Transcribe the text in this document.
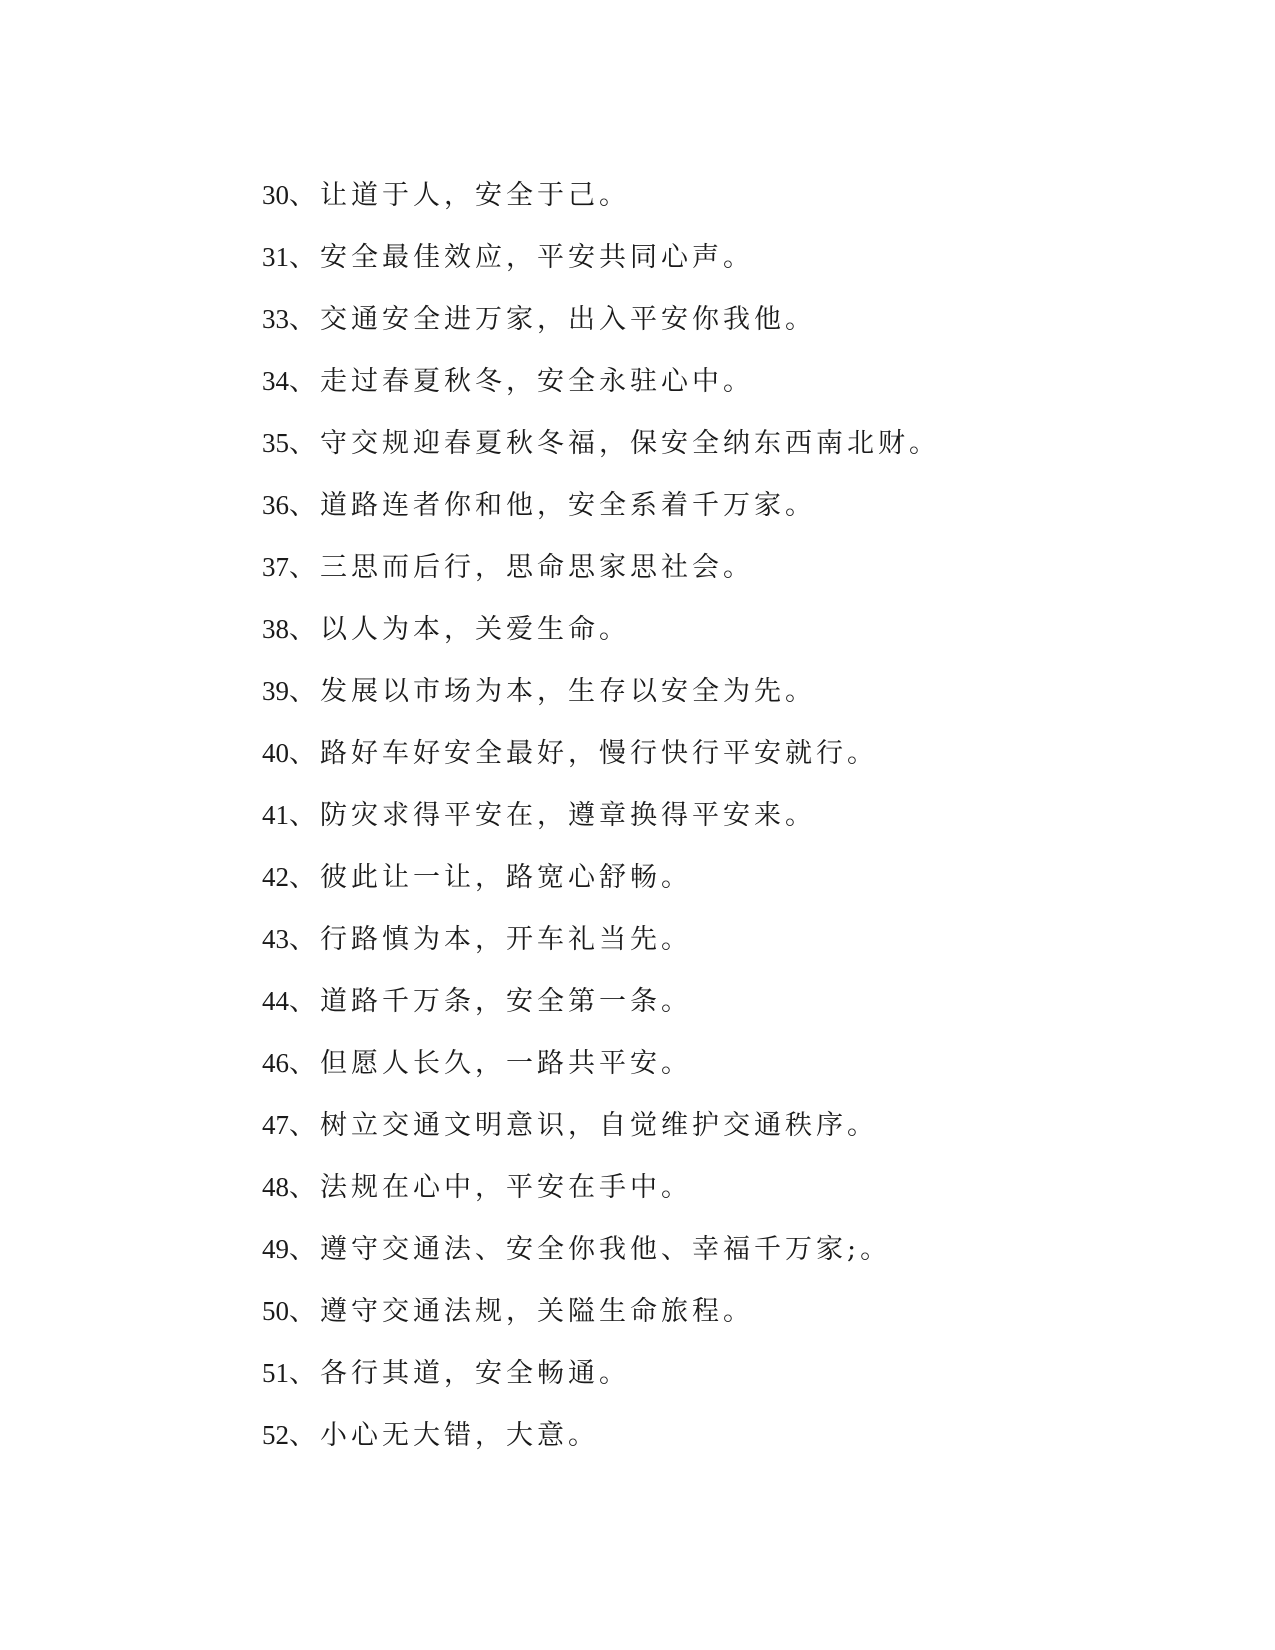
30、让道于人，安全于己。
31、安全最佳效应，平安共同心声。
33、交通安全进万家，出入平安你我他。
34、走过春夏秋冬，安全永驻心中。
35、守交规迎春夏秋冬福，保安全纳东西南北财。
36、道路连者你和他，安全系着千万家。
37、三思而后行，思命思家思社会。
38、以人为本，关爱生命。
39、发展以市场为本，生存以安全为先。
40、路好车好安全最好，慢行快行平安就行。
41、防灾求得平安在，遵章换得平安来。
42、彼此让一让，路宽心舒畅。
43、行路慎为本，开车礼当先。
44、道路千万条，安全第一条。
46、但愿人长久，一路共平安。
47、树立交通文明意识，自觉维护交通秩序。
48、法规在心中，平安在手中。
49、遵守交通法、安全你我他、幸福千万家;。
50、遵守交通法规，关隘生命旅程。
51、各行其道，安全畅通。
52、小心无大错，大意。
